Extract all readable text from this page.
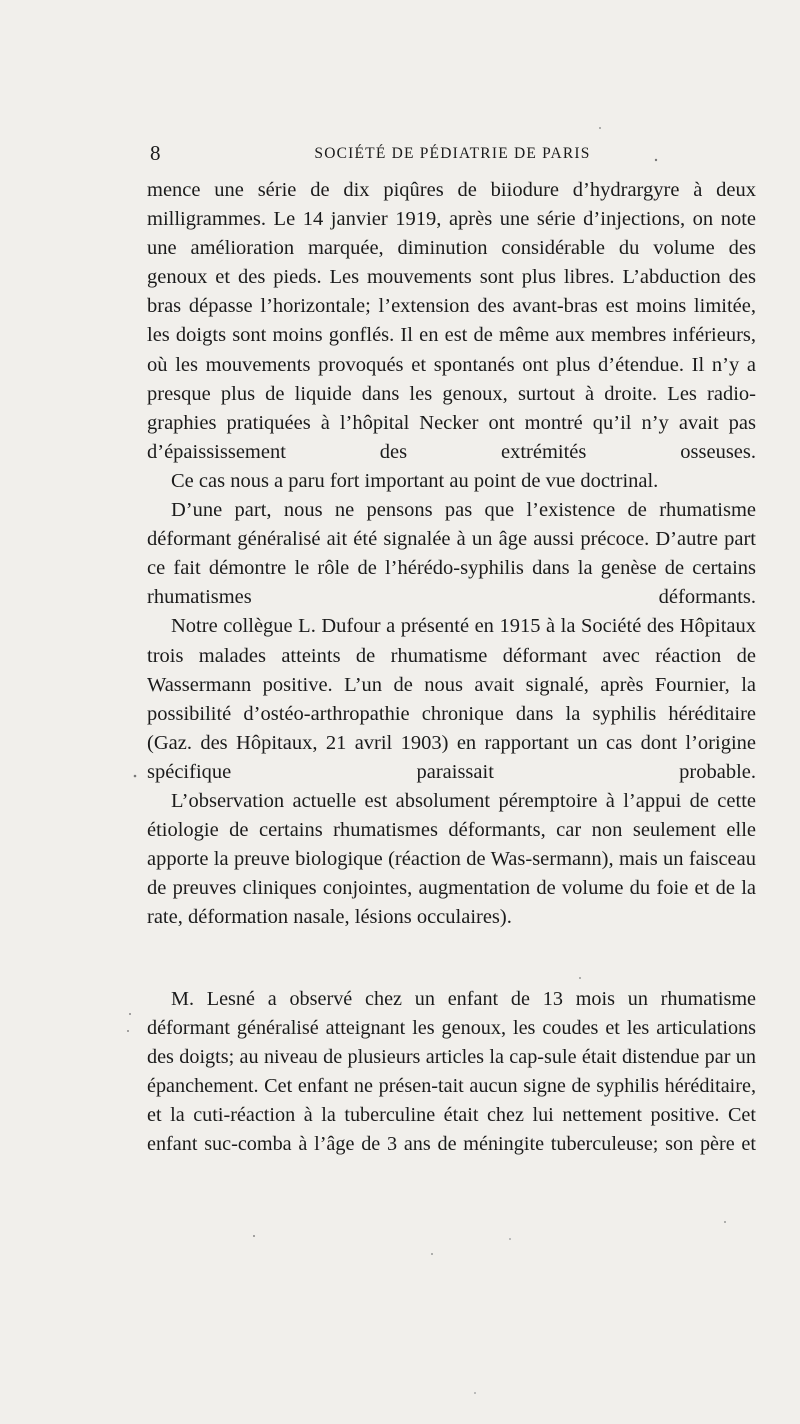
8	SOCIÉTÉ DE PÉDIATRIE DE PARIS

mence une série de dix piqûres de biiodure d’hydrargyre à deux milligrammes. Le 14 janvier 1919, après une série d’injections, on note une amélioration marquée, diminution considérable du volume des genoux et des pieds. Les mouvements sont plus libres. L’abduction des bras dépasse l’horizontale; l’extension des avant-bras est moins limitée, les doigts sont moins gonflés. Il en est de même aux membres inférieurs, où les mouvements provoqués et spontanés ont plus d’étendue. Il n’y a presque plus de liquide dans les genoux, surtout à droite. Les radio-graphies pratiquées à l’hôpital Necker ont montré qu’il n’y avait pas d’épaississement des extrémités osseuses.

Ce cas nous a paru fort important au point de vue doctrinal.

D’une part, nous ne pensons pas que l’existence de rhumatisme déformant généralisé ait été signalée à un âge aussi précoce. D’autre part ce fait démontre le rôle de l’hérédo-syphilis dans la genèse de certains rhumatismes déformants.

Notre collègue L. Dufour a présenté en 1915 à la Société des Hôpitaux trois malades atteints de rhumatisme déformant avec réaction de Wassermann positive. L’un de nous avait signalé, après Fournier, la possibilité d’ostéo-arthropathie chronique dans la syphilis héréditaire (Gaz. des Hôpitaux, 21 avril 1903) en rapportant un cas dont l’origine spécifique paraissait probable.

L’observation actuelle est absolument péremptoire à l’appui de cette étiologie de certains rhumatismes déformants, car non seulement elle apporte la preuve biologique (réaction de Was-sermann), mais un faisceau de preuves cliniques conjointes, augmentation de volume du foie et de la rate, déformation nasale, lésions occulaires).

M. Lesné a observé chez un enfant de 13 mois un rhumatisme déformant généralisé atteignant les genoux, les coudes et les articulations des doigts; au niveau de plusieurs articles la cap-sule était distendue par un épanchement. Cet enfant ne présen-tait aucun signe de syphilis héréditaire, et la cuti-réaction à la tuberculine était chez lui nettement positive. Cet enfant suc-comba à l’âge de 3 ans de méningite tuberculeuse; son père et
